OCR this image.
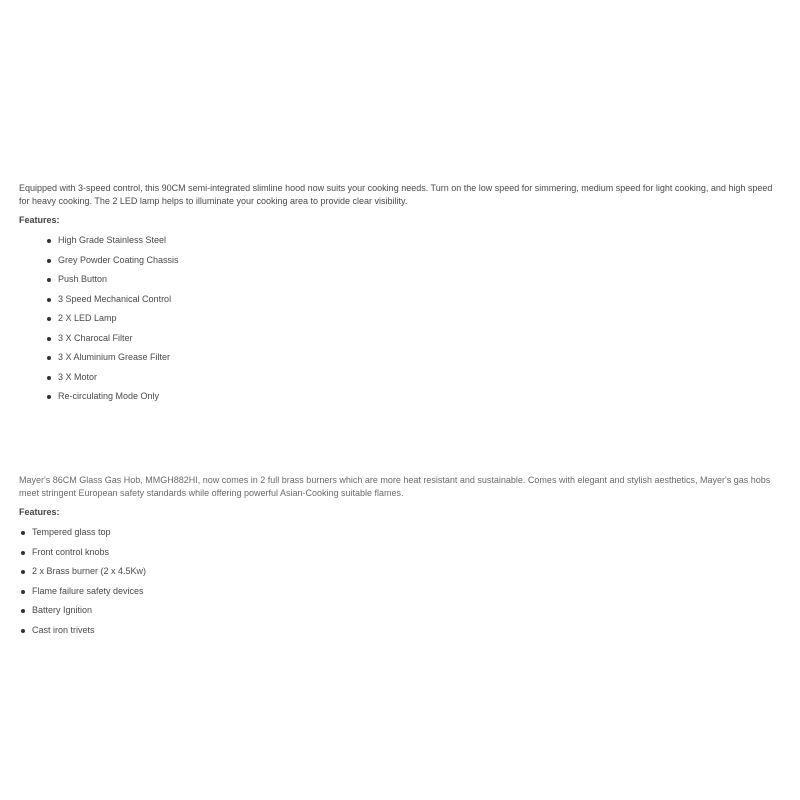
Equipped with 3-speed control, this 90CM semi-integrated slimline hood now suits your cooking needs. Turn on the low speed for simmering, medium speed for light cooking, and high speed for heavy cooking. The 2 LED lamp helps to illuminate your cooking area to provide clear visibility.

Features:

High Grade Stainless Steel
Grey Powder Coating Chassis
Push Button
3 Speed Mechanical Control
2 X LED Lamp
3 X Charocal Filter
3 X Aluminium Grease Filter
3 X Motor
Re-circulating Mode Only

Mayer's 86CM Glass Gas Hob, MMGH882HI, now comes in 2 full brass burners which are more heat resistant and sustainable. Comes with elegant and stylish aesthetics, Mayer's gas hobs meet stringent European safety standards while offering powerful Asian-Cooking suitable flames.

Features:

Tempered glass top
Front control knobs
2 x Brass burner (2 x 4.5Kw)
Flame failure safety devices
Battery Ignition
Cast iron trivets
